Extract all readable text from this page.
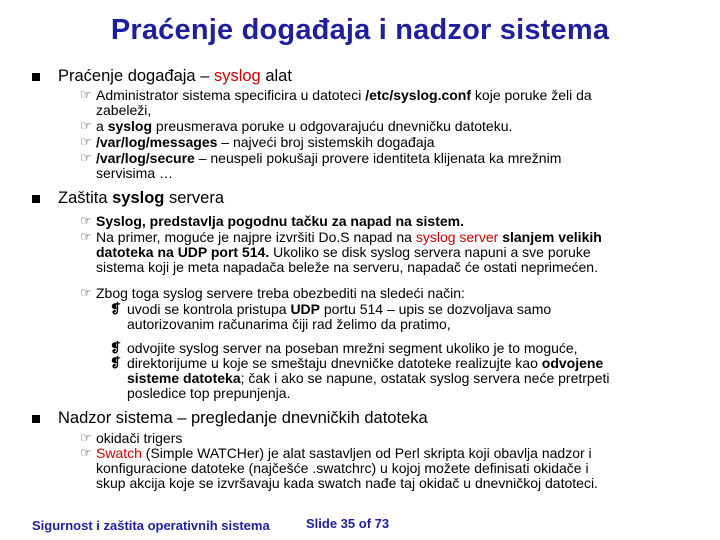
Praćenje događaja i nadzor sistema
Praćenje događaja – syslog alat
☞ Administrator sistema specificira u datoteci /etc/syslog.conf koje poruke želi da
zabeleži,
☞ a syslog preusmerava poruke u odgovarajuću dnevničku datoteku.
☞ /var/log/messages – najveći broj sistemskih događaja
☞ /var/log/secure – neuspeli pokušaji provere identiteta klijenata ka mrežnim
servisima …
Zaštita syslog servera
☞ Syslog, predstavlja pogodnu tačku za napad na sistem.
☞ Na primer, moguće je najpre izvršiti Do.S napad na syslog server slanjem velikih
datoteka na UDP port 514. Ukoliko se disk syslog servera napuni a sve poruke
sistema koji je meta napadača beleže na serveru, napadač će ostati neprimećen.
☞ Zbog toga syslog servere treba obezbediti na sledeći način:
❡ uvodi se kontrola pristupa UDP portu 514 – upis se dozvoljava samo
autorizovanim računarima čiji rad želimo da pratimo,
❡ odvojite syslog server na poseban mrežni segment ukoliko je to moguće,
❡ direktorijume u koje se smeštaju dnevničke datoteke realizujte kao odvojene
sisteme datoteka; čak i ako se napune, ostatak syslog servera neće pretrpeti
posledice top prepunjenja.
Nadzor sistema – pregledanje dnevničkih datoteka
☞ okidači trigers
☞ Swatch (Simple WATCHer) je alat sastavljen od Perl skripta koji obavlja nadzor i
konfiguracione datoteke (najčešće .swatchrc) u kojoj možete definisati okidače i
skup akcija koje se izvršavaju kada swatch nađe taj okidač u dnevničkoj datoteci.
Sigurnost i zaštita operativnih sistema	Slide 35 of 73
